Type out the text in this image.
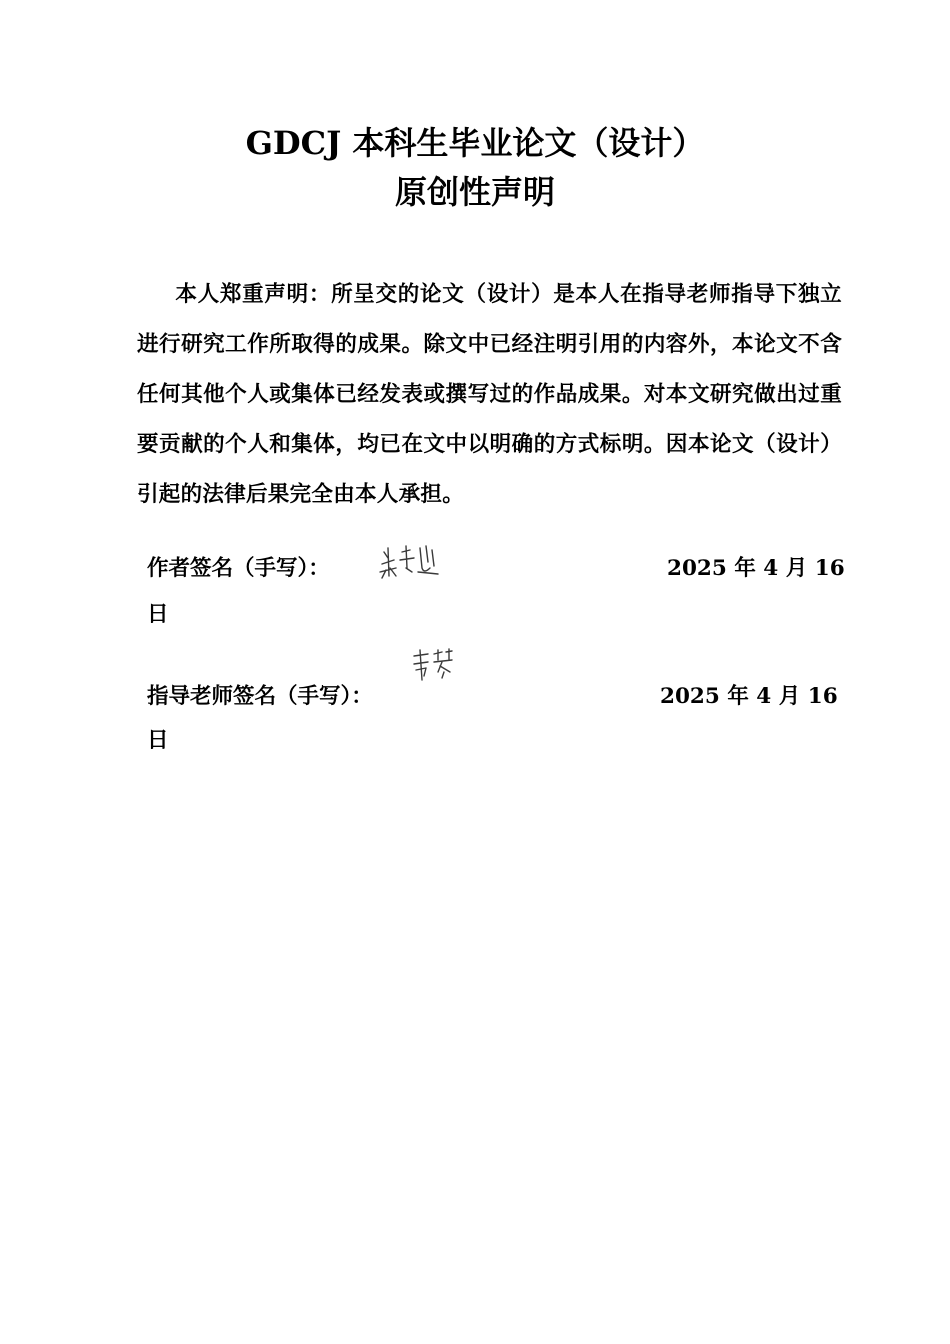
GDCJ 本科生毕业论文（设计）
原创性声明

本人郑重声明：所呈交的论文（设计）是本人在指导老师指导下独立进行研究工作所取得的成果。除文中已经注明引用的内容外，本论文不含任何其他个人或集体已经发表或撰写过的作品成果。对本文研究做出过重要贡献的个人和集体，均已在文中以明确的方式标明。因本论文（设计）引起的法律后果完全由本人承担。

作者签名（手写）：	2025 年 4 月 16
日
指导老师签名（手写）：	2025 年 4 月 16
日
